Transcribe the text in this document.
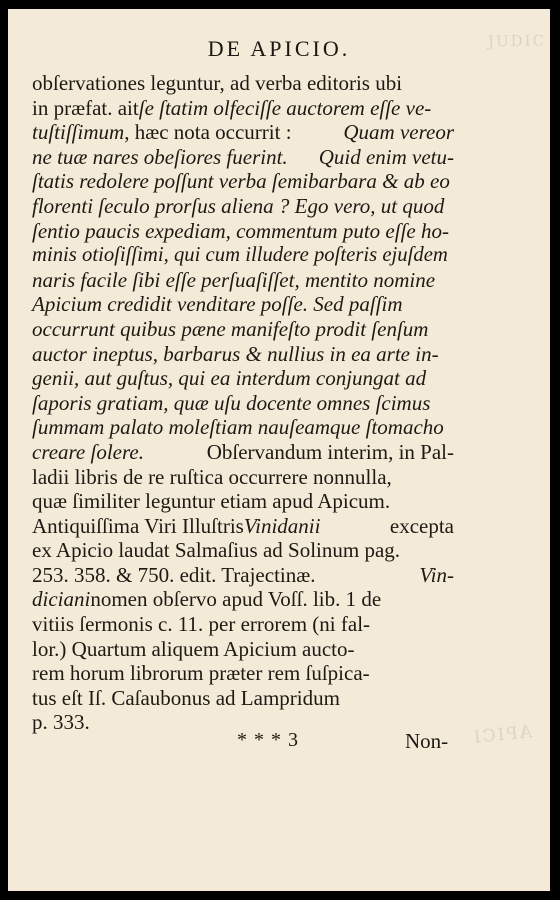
JUDIC
APICI
DE APICIO.
obſervationes leguntur, ad verba editoris ubi
in præfat. aitſe ſtatim olfeciſſe auctorem eſſe ve-
tuſtiſſimum, hæc nota occurrit : Quam vereor
ne tuæ nares obeſiores fuerint. Quid enim vetu-
ſtatis redolere poſſunt verba ſemibarbara & ab eo
florenti ſeculo prorſus aliena ? Ego vero, ut quod
ſentio paucis expediam, commentum puto eſſe ho-
minis otioſiſſimi, qui cum illudere poſteris ejuſdem
naris facile ſibi eſſe perſuaſiſſet, mentito nomine
Apicium credidit venditare poſſe. Sed paſſim
occurrunt quibus pæne manifeſto prodit ſenſum
auctor ineptus, barbarus & nullius in ea arte in-
genii, aut guſtus, qui ea interdum conjungat ad
ſaporis gratiam, quæ uſu docente omnes ſcimus
ſummam palato moleſtiam nauſeamque ſtomacho
creare ſolere.	Obſervandum interim, in Pal-
ladii libris de re ruſtica occurrere nonnulla,
quæ ſimiliter leguntur etiam apud Apicum.
Antiquiſſima Viri IlluſtrisVinidanii	excepta
ex Apicio laudat Salmaſius ad Solinum pag.
253. 358. & 750. edit. Trajectinæ.	Vin-
dicianinomen obſervo apud Voſſ. lib. 1 de
vitiis ſermonis c. 11. per errorem (ni fal-
lor.) Quartum aliquem Apicium aucto-
rem horum librorum præter rem ſuſpica-
tus eſt Iſ. Caſaubonus ad Lampridum
p. 333.
* * * 3	Non-
